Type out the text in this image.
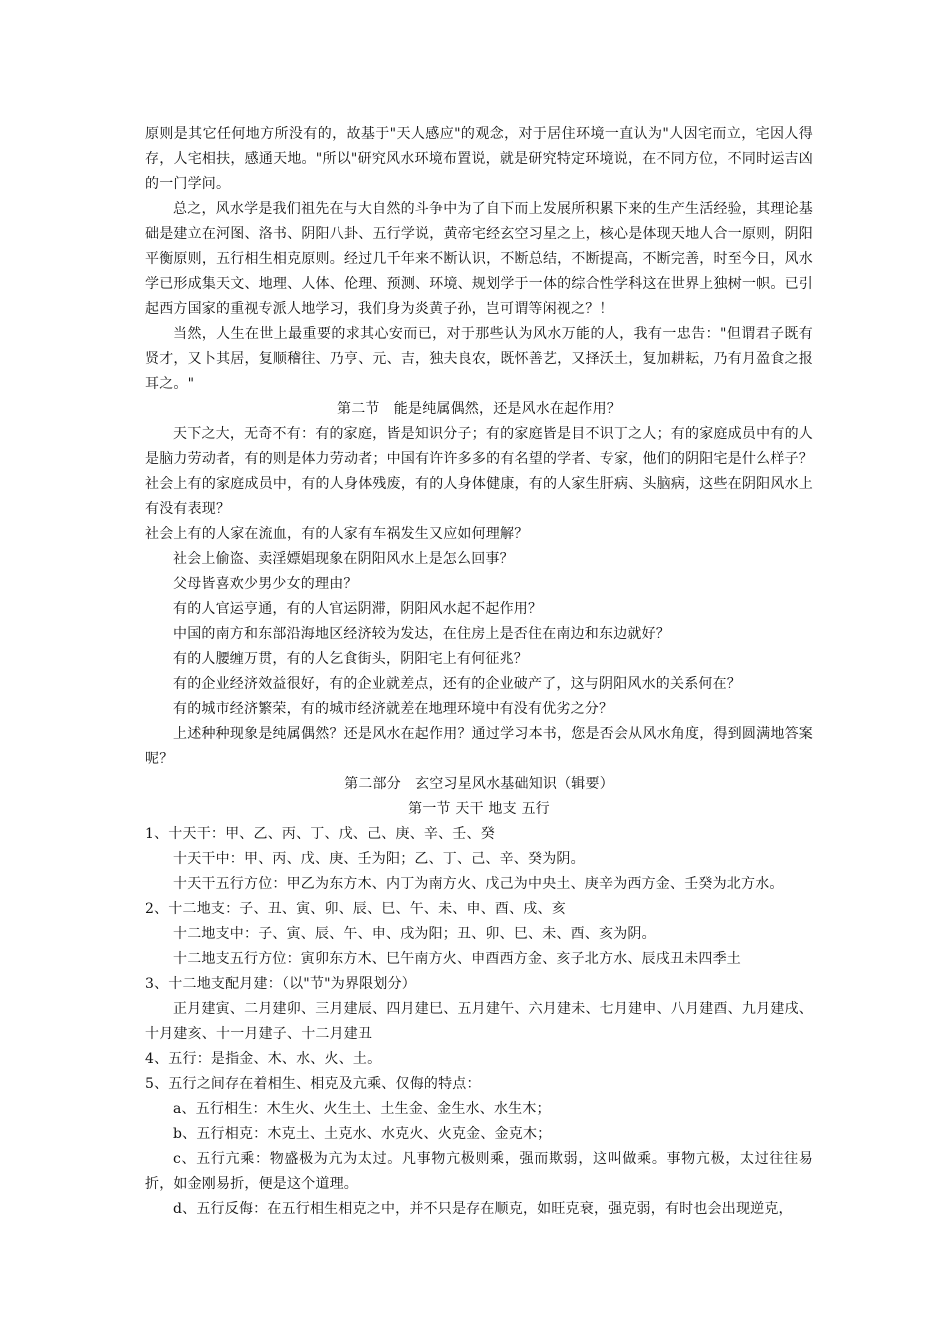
原则是其它任何地方所没有的，故基于"天人感应"的观念，对于居住环境一直认为"人因宅而立，宅因人得存，人宅相扶，感通天地。"所以"研究风水环境布置说，就是研究特定环境说，在不同方位，不同时运吉凶的一门学问。

总之，风水学是我们祖先在与大自然的斗争中为了自下而上发展所积累下来的生产生活经验，其理论基础是建立在河图、洛书、阴阳八卦、五行学说，黄帝宅经玄空习星之上，核心是体现天地人合一原则，阴阳平衡原则，五行相生相克原则。经过几千年来不断认识，不断总结，不断提高，不断完善，时至今日，风水学已形成集天文、地理、人体、伦理、预测、环境、规划学于一体的综合性学科这在世界上独树一帜。已引起西方国家的重视专派人地学习，我们身为炎黄子孙，岂可谓等闲视之？！

当然，人生在世上最重要的求其心安而已，对于那些认为风水万能的人，我有一忠告："但谓君子既有贤才，又卜其居，复顺稽往、乃亨、元、吉，独夫良农，既怀善艺，又择沃土，复加耕耘，乃有月盈食之报耳之。"

第二节　能是纯属偶然，还是风水在起作用？

天下之大，无奇不有：有的家庭，皆是知识分子；有的家庭皆是目不识丁之人；有的家庭成员中有的人是脑力劳动者，有的则是体力劳动者；中国有许许多多的有名望的学者、专家，他们的阴阳宅是什么样子？社会上有的家庭成员中，有的人身体残废，有的人身体健康，有的人家生肝病、头脑病，这些在阴阳风水上有没有表现？

社会上有的人家在流血，有的人家有车祸发生又应如何理解？

社会上偷盗、卖淫嫖娼现象在阴阳风水上是怎么回事？

父母皆喜欢少男少女的理由？

有的人官运亨通，有的人官运阴滞，阴阳风水起不起作用？

中国的南方和东部沿海地区经济较为发达，在住房上是否住在南边和东边就好？

有的人腰缠万贯，有的人乞食街头，阴阳宅上有何征兆？

有的企业经济效益很好，有的企业就差点，还有的企业破产了，这与阴阳风水的关系何在？

有的城市经济繁荣，有的城市经济就差在地理环境中有没有优劣之分？

上述种种现象是纯属偶然？还是风水在起作用？通过学习本书，您是否会从风水角度，得到圆满地答案呢？

第二部分　玄空习星风水基础知识（辑要）

第一节 天干 地支 五行

1、十天干：甲、乙、丙、丁、戊、己、庚、辛、壬、癸

十天干中：甲、丙、戊、庚、壬为阳；乙、丁、己、辛、癸为阴。

十天干五行方位：甲乙为东方木、内丁为南方火、戊己为中央土、庚辛为西方金、壬癸为北方水。

2、十二地支：子、丑、寅、卯、辰、巳、午、未、申、酉、戌、亥

十二地支中：子、寅、辰、午、申、戌为阳；丑、卯、巳、未、酉、亥为阴。

十二地支五行方位：寅卯东方木、巳午南方火、申酉西方金、亥子北方水、辰戌丑未四季土

3、十二地支配月建：（以"节"为界限划分）

正月建寅、二月建卯、三月建辰、四月建巳、五月建午、六月建未、七月建申、八月建酉、九月建戌、十月建亥、十一月建子、十二月建丑

4、五行：是指金、木、水、火、土。

5、五行之间存在着相生、相克及亢乘、仅侮的特点：

a、五行相生：木生火、火生土、土生金、金生水、水生木；

b、五行相克：木克土、土克水、水克火、火克金、金克木；

c、五行亢乘：物盛极为亢为太过。凡事物亢极则乘，强而欺弱，这叫做乘。事物亢极，太过往往易折，如金刚易折，便是这个道理。

d、五行反侮：在五行相生相克之中，并不只是存在顺克，如旺克衰，强克弱，有时也会出现逆克，
